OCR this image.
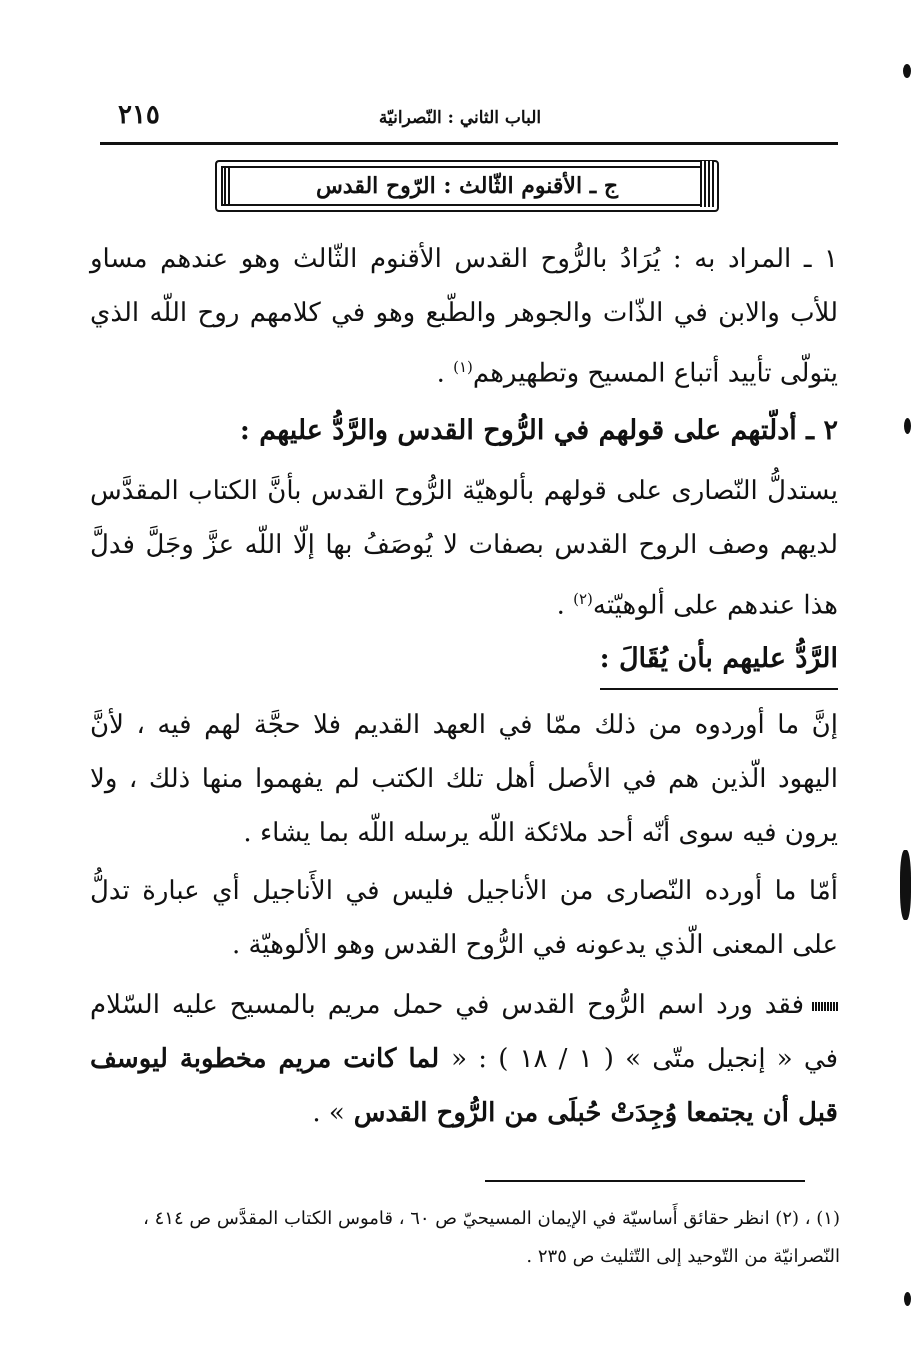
٢١٥	الباب الثاني : النّصرانيّة
ج ـ الأقنوم الثّالث : الرّوح القدس

١ ـ المراد به : يُرَادُ بالرُّوح القدس الأقنوم الثّالث وهو عندهم مساو للأب والابن في الذّات والجوهر والطّبع وهو في كلامهم روح اللّه الذي يتولّى تأييد أتباع المسيح وتطهيرهم$^{(١)}$ .

٢ ـ أدلّتهم على قولهم في الرُّوح القدس والرَّدُّ عليهم :

يستدلُّ النّصارى على قولهم بألوهيّة الرُّوح القدس بأنَّ الكتاب المقدَّس لديهم وصف الروح القدس بصفات لا يُوصَفُ بها إلّا اللّه عزَّ وجَلَّ فدلَّ هذا عندهم على ألوهيّته$^{(٢)}$ .

الرَّدُّ عليهم بأن يُقَالَ :

إنَّ ما أوردوه من ذلك ممّا في العهد القديم فلا حجَّة لهم فيه ، لأنَّ اليهود الّذين هم في الأصل أهل تلك الكتب لم يفهموا منها ذلك ، ولا يرون فيه سوى أنّه أحد ملائكة اللّه يرسله اللّه بما يشاء .

أمّا ما أورده النّصارى من الأناجيل فليس في الأَناجيل أي عبارة تدلُّ على المعنى الّذي يدعونه في الرُّوح القدس وهو الألوهيّة .

فقد ورد اسم الرُّوح القدس في حمل مريم بالمسيح عليه السّلام في « إنجيل متّى » ( ١ / ١٨ ) : « لما كانت مريم مخطوبة ليوسف قبل أن يجتمعا وُجِدَتْ حُبلَى من الرُّوح القدس » .

(١) ، (٢) انظر حقائق أَساسيّة في الإيمان المسيحيّ ص ٦٠ ، قاموس الكتاب المقدَّس ص ٤١٤ ،
النّصرانيّة من التّوحيد إلى التّثليث ص ٢٣٥ .
